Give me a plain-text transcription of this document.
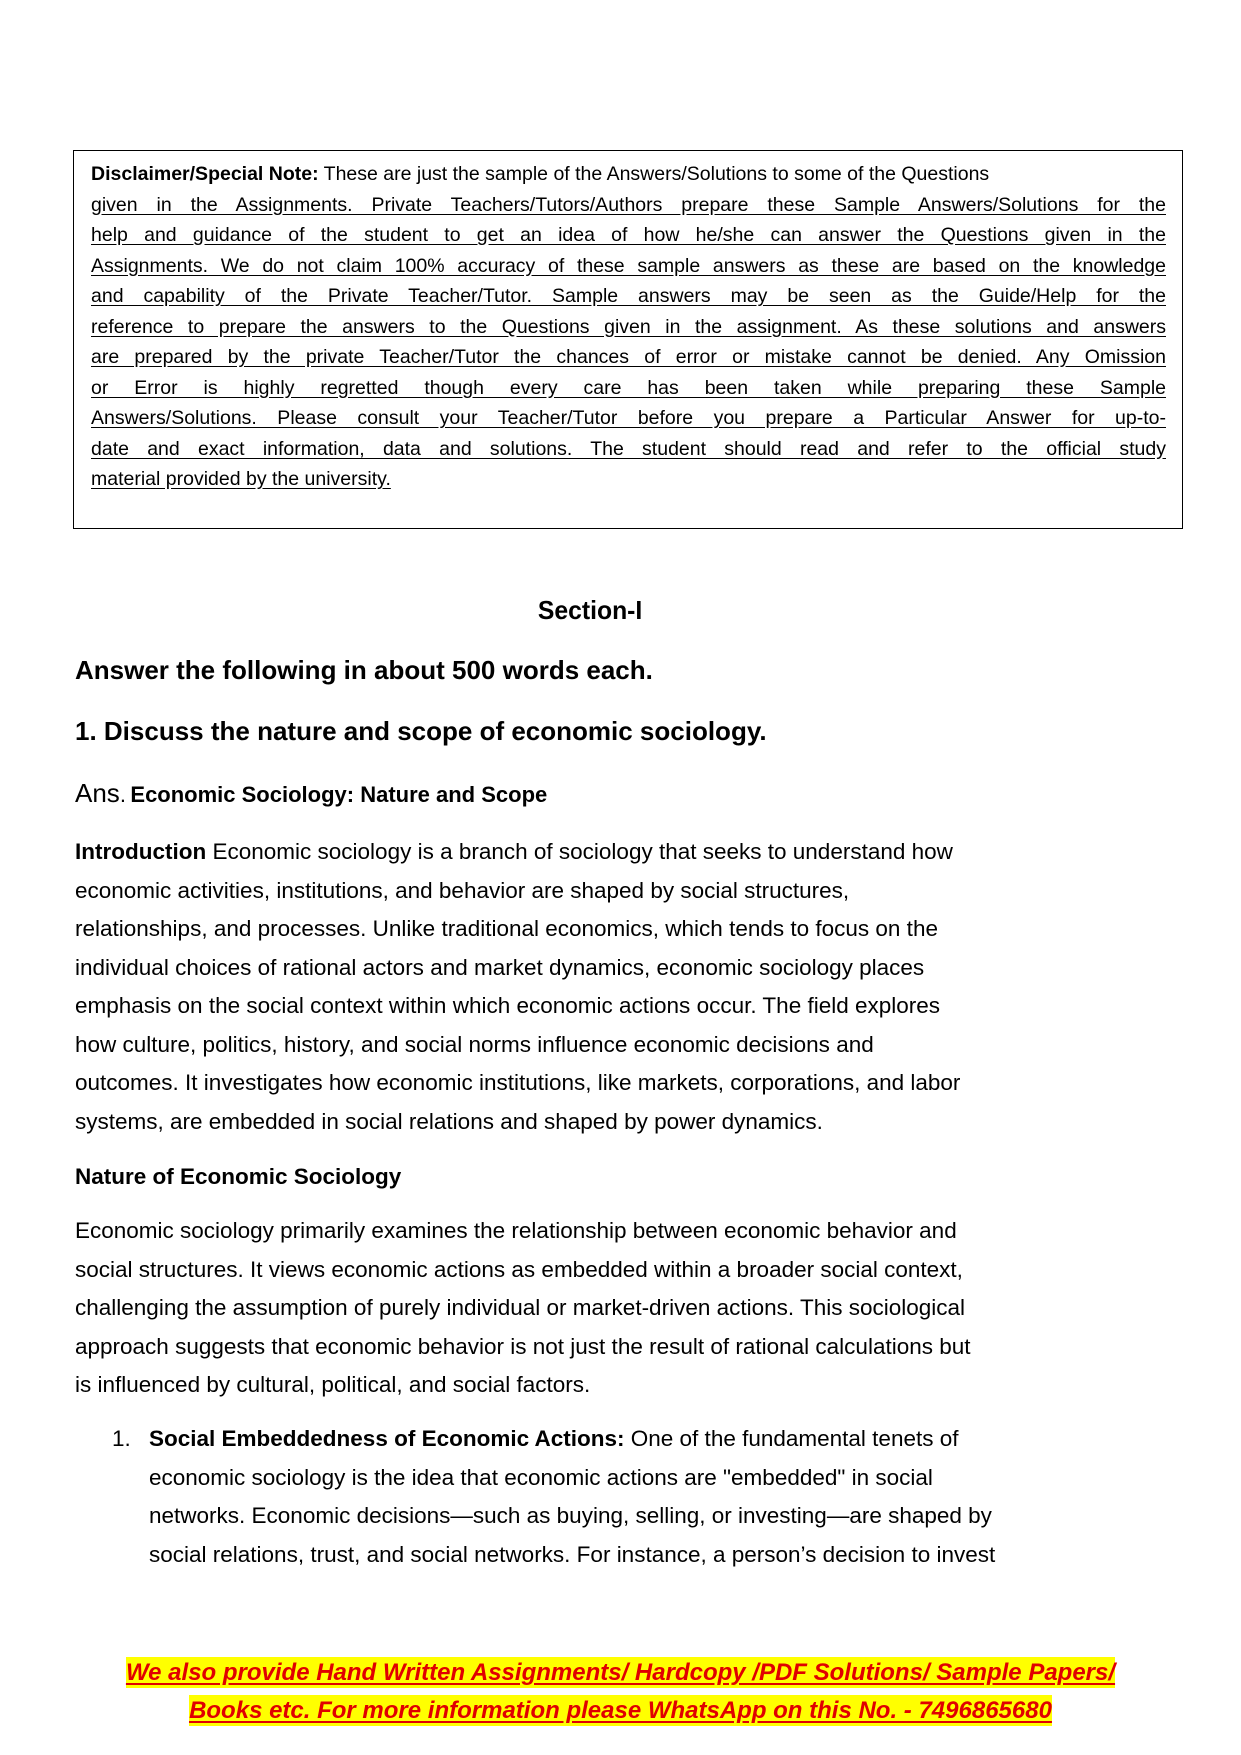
Disclaimer/Special Note: These are just the sample of the Answers/Solutions to some of the Questions
given in the Assignments. Private Teachers/Tutors/Authors prepare these Sample Answers/Solutions for the
help and guidance of the student to get an idea of how he/she can answer the Questions given in the
Assignments. We do not claim 100% accuracy of these sample answers as these are based on the knowledge
and capability of the Private Teacher/Tutor. Sample answers may be seen as the Guide/Help for the
reference to prepare the answers to the Questions given in the assignment. As these solutions and answers
are prepared by the private Teacher/Tutor the chances of error or mistake cannot be denied. Any Omission
or Error is highly regretted though every care has been taken while preparing these Sample
Answers/Solutions. Please consult your Teacher/Tutor before you prepare a Particular Answer for up-to-
date and exact information, data and solutions. The student should read and refer to the official study
material provided by the university.
Section-I
Answer the following in about 500 words each.
1. Discuss the nature and scope of economic sociology.
Ans. Economic Sociology: Nature and Scope
Introduction Economic sociology is a branch of sociology that seeks to understand how
economic activities, institutions, and behavior are shaped by social structures,
relationships, and processes. Unlike traditional economics, which tends to focus on the
individual choices of rational actors and market dynamics, economic sociology places
emphasis on the social context within which economic actions occur. The field explores
how culture, politics, history, and social norms influence economic decisions and
outcomes. It investigates how economic institutions, like markets, corporations, and labor
systems, are embedded in social relations and shaped by power dynamics.
Nature of Economic Sociology
Economic sociology primarily examines the relationship between economic behavior and
social structures. It views economic actions as embedded within a broader social context,
challenging the assumption of purely individual or market-driven actions. This sociological
approach suggests that economic behavior is not just the result of rational calculations but
is influenced by cultural, political, and social factors.
1. Social Embeddedness of Economic Actions: One of the fundamental tenets of
economic sociology is the idea that economic actions are "embedded" in social
networks. Economic decisions—such as buying, selling, or investing—are shaped by
social relations, trust, and social networks. For instance, a person’s decision to invest
We also provide Hand Written Assignments/ Hardcopy /PDF Solutions/ Sample Papers/
Books etc. For more information please WhatsApp on this No. - 7496865680
